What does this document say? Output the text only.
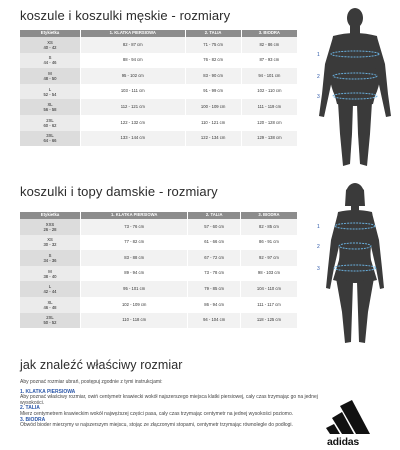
koszule i koszulki męskie - rozmiary
Etykietka	1. KLATKA PIERSIOWA	2. TALIA	3. BIODRA

XS
40 - 42	82 - 87 cm	71 - 75 cm	82 - 86 cm

S
44 - 46	88 - 94 cm	76 - 82 cm	87 - 93 cm

M
48 - 50	95 - 102 cm	83 - 90 cm	94 - 101 cm

L
52 - 54	103 - 111 cm	91 - 99 cm	102 - 110 cm

XL
56 - 58	112 - 121 cm	100 - 109 cm	111 - 119 cm

2XL
60 - 62	122 - 132 cm	110 - 121 cm	120 - 128 cm

3XL
64 - 66	133 - 144 cm	122 - 134 cm	129 - 138 cm
1
2
3
koszulki i topy damskie - rozmiary
Etykietka	1. KLATKA PIERSIOWA	2. TALIA	3. BIODRA

XXS
26 - 28	73 - 76 cm	57 - 60 cm	82 - 85 cm

XS
30 - 32	77 - 82 cm	61 - 66 cm	86 - 91 cm

S
34 - 36	83 - 88 cm	67 - 72 cm	92 - 97 cm

M
38 - 40	89 - 94 cm	73 - 78 cm	98 - 103 cm

L
42 - 44	95 - 101 cm	79 - 85 cm	104 - 110 cm

XL
46 - 48	102 - 109 cm	86 - 94 cm	111 - 117 cm

2XL
50 - 52	110 - 118 cm	94 - 104 cm	118 - 125 cm
1
2
3
jak znaleźć właściwy rozmiar
Aby poznać rozmiar ubrań, postępuj zgodnie z tymi instrukcjami:
1. KLATKA PIERSIOWA
Aby poznać właściwy rozmiar, owiń centymetr krawiecki wokół najszerszego miejsca klatki piersiowej, cały czas trzymając go na jednej wysokości.
2. TALIA
Mierz centymetrem krawieckim wokół najwęższej części pasa, cały czas trzymając centymetr na jednej wysokości poziomo.
3. BIODRA
Obwód bioder mierzymy w najszerszym miejscu, stojąc ze złączonymi stopami, centymetr trzymając równolegle do podłogi.
adidas
